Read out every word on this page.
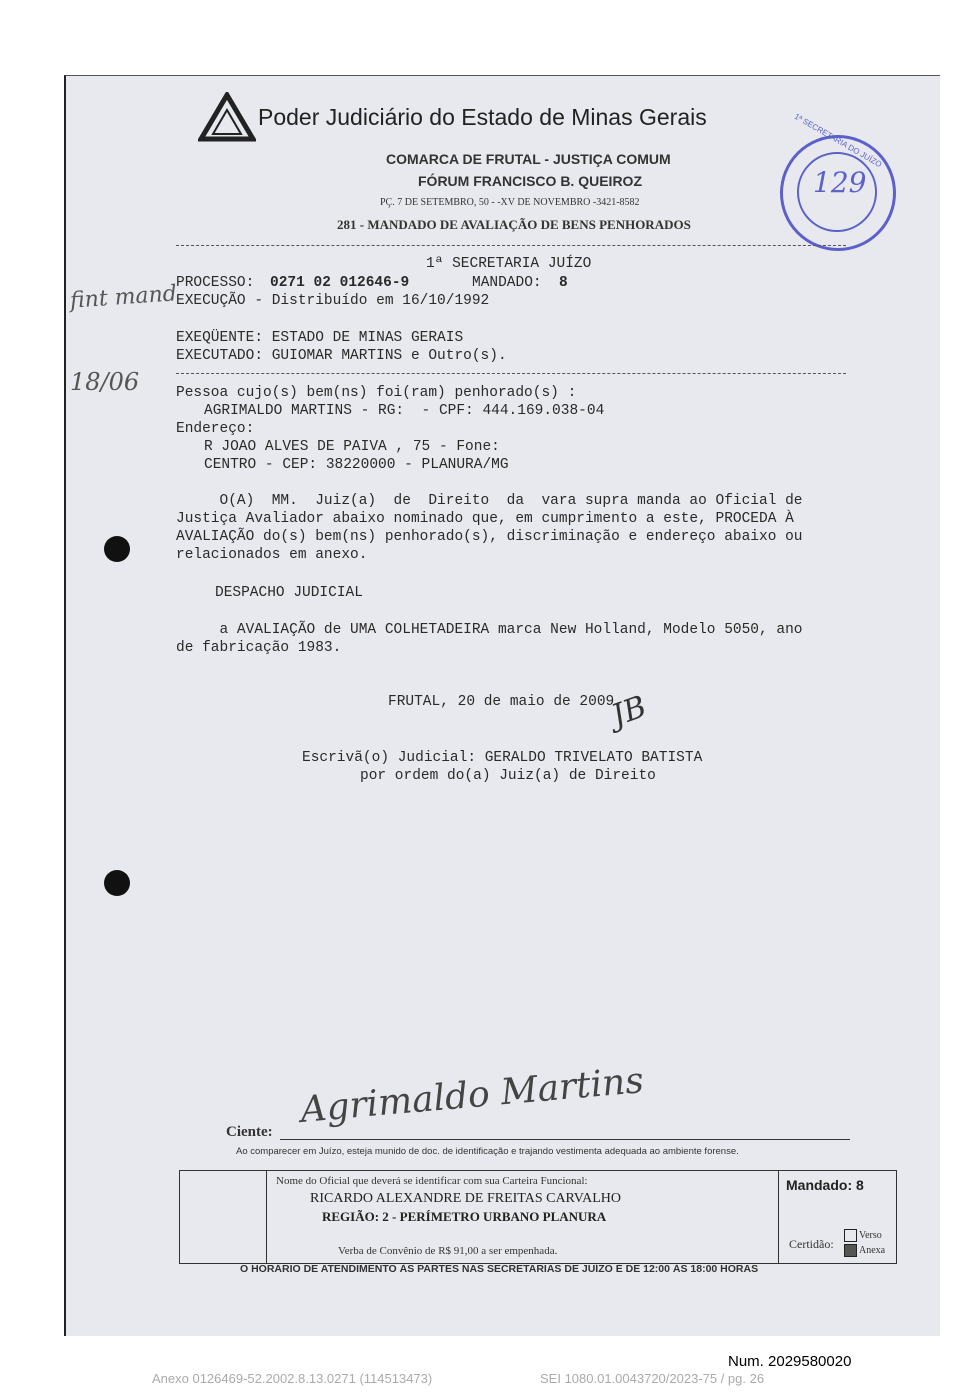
fint mand

18/06

Poder Judiciário do Estado de Minas Gerais
COMARCA DE FRUTAL - JUSTIÇA COMUM
FÓRUM FRANCISCO B. QUEIROZ
PÇ. 7 DE SETEMBRO, 50 - -XV DE NOVEMBRO -3421-8582
281 - MANDADO DE AVALIAÇÃO DE BENS PENHORADOS
1ª SECRETARIA DO JUÍZO
129
1ª SECRETARIA JUÍZO
PROCESSO: 0271 02 012646-9	MANDADO: 8
EXECUÇÃO - Distribuído em 16/10/1992
EXEQÜENTE: ESTADO DE MINAS GERAIS
EXECUTADO: GUIOMAR MARTINS e Outro(s).
Pessoa cujo(s) bem(ns) foi(ram) penhorado(s) :
AGRIMALDO MARTINS - RG:  - CPF: 444.169.038-04
Endereço:
R JOAO ALVES DE PAIVA , 75 - Fone:
CENTRO - CEP: 38220000 - PLANURA/MG
O(A)  MM.  Juiz(a)  de  Direito  da  vara supra manda ao Oficial de
Justiça Avaliador abaixo nominado que, em cumprimento a este, PROCEDA À
AVALIAÇÃO do(s) bem(ns) penhorado(s), discriminação e endereço abaixo ou
relacionados em anexo.
DESPACHO JUDICIAL
a AVALIAÇÃO de UMA COLHETADEIRA marca New Holland, Modelo 5050, ano
de fabricação 1983.
FRUTAL, 20 de maio de 2009.
JB
Escrivã(o) Judicial: GERALDO TRIVELATO BATISTA
por ordem do(a) Juiz(a) de Direito
Ciente:
Agrimaldo Martins
Ao comparecer em Juízo, esteja munido de doc. de identificação e trajando vestimenta adequada ao ambiente forense.
Nome do Oficial que deverá se identificar com sua Carteira Funcional:
RICARDO ALEXANDRE DE FREITAS CARVALHO
REGIÃO: 2 - PERÍMETRO URBANO PLANURA
Verba de Convênio de R$ 91,00 a ser empenhada.
Mandado: 8
Certidão:
Verso
Anexa
O HORÁRIO DE ATENDIMENTO ÀS PARTES NAS SECRETARIAS DE JUÍZO É DE 12:00 ÀS 18:00 HORAS
Num. 2029580020
Anexo 0126469-52.2002.8.13.0271 (114513473)	SEI 1080.01.0043720/2023-75 / pg. 26
